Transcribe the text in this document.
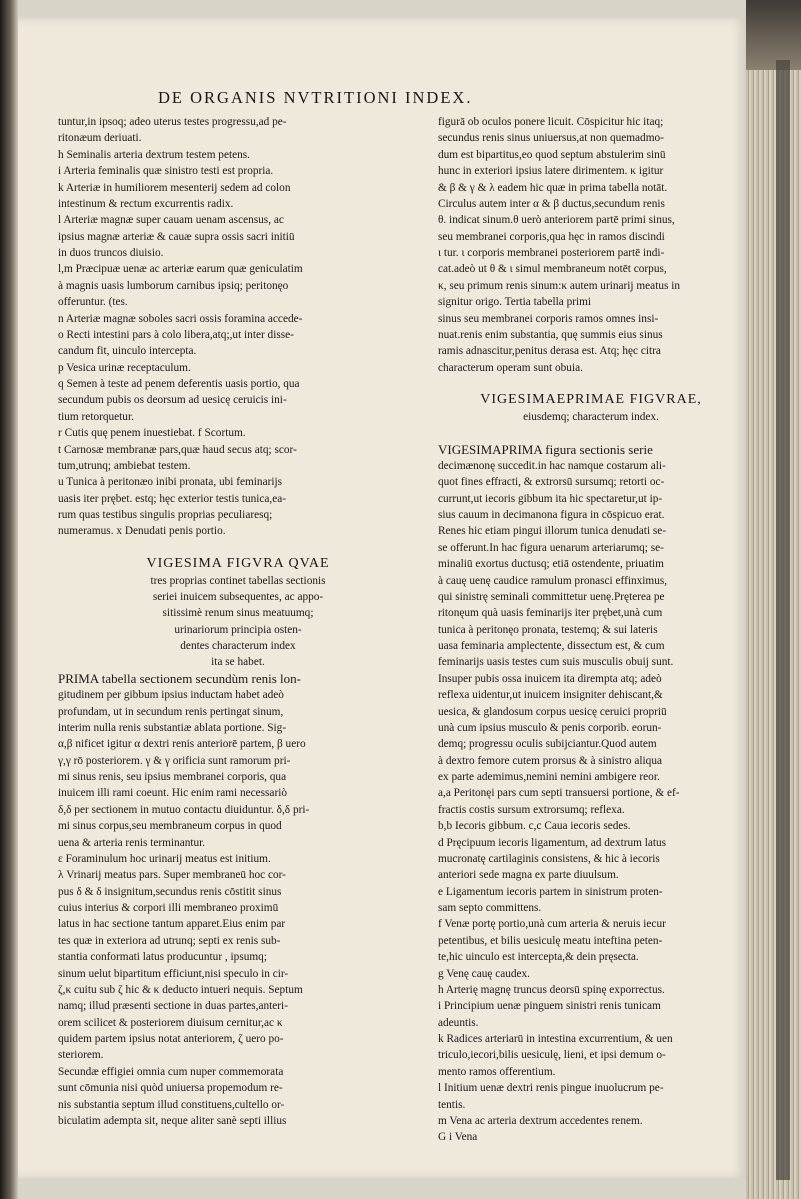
DE ORGANIS NVTRITIONI INDEX.
tuntur,in ipsoq; adeo uterus testes progressu,ad pe-
ritonæum deriuati.
h Seminalis arteria dextrum testem petens.
i Arteria feminalis quæ sinistro testi est propria.
k Arteriæ in humiliorem mesenterij sedem ad colon
intestinum & rectum excurrentis radix.
l Arteriæ magnæ super cauam uenam ascensus, ac
ipsius magnæ arteriæ & cauæ supra ossis sacri initiū
in duos truncos diuisio.
l,m Præcipuæ uenæ ac arteriæ earum quæ geniculatim
à magnis uasis lumborum carnibus ipsiq; peritonęo
offeruntur. (tes.
n Arteriæ magnæ soboles sacri ossis foramina accede-
o Recti intestini pars à colo libera,atq;,ut inter disse-
candum fit, uinculo intercepta.
p Vesica urinæ receptaculum.
q Semen à teste ad penem deferentis uasis portio, qua
secundum pubis os deorsum ad uesicę ceruicis ini-
tium retorquetur.
r Cutis quę penem inuestiebat. f Scortum.
t Carnosæ membranæ pars,quæ haud secus atq; scor-
tum,utrunq; ambiebat testem.
u Tunica à peritonæo inibi pronata, ubi feminarijs
uasis iter prębet. estq; hęc exterior testis tunica,ea-
rum quas testibus singulis proprias peculiaresq;
numeramus. x Denudati penis portio.
VIGESIMA FIGVRA QVAE
tres proprias continet tabellas sectionis
seriei inuicem subsequentes, ac appo-
sitissimè renum sinus meatuumq;
urinariorum principia osten-
dentes characterum index
ita se habet.
PRIMA tabella sectionem secundùm renis lon-
gitudinem per gibbum ipsius inductam habet adeò
profundam, ut in secundum renis pertingat sinum,
interim nulla renis substantiæ ablata portione. Sig-
α,β nificet igitur α dextri renis anteriorē partem, β uero
γ,γ rō posteriorem. γ & γ orificia sunt ramorum pri-
mi sinus renis, seu ipsius membranei corporis, qua
inuicem illi rami coeunt. Hic enim rami necessariò
δ,δ per sectionem in mutuo contactu diuiduntur. δ,δ pri-
mi sinus corpus,seu membraneum corpus in quod
uena & arteria renis terminantur.
ε Foraminulum hoc urinarij meatus est initium.
λ Vrinarij meatus pars. Super membraneū hoc cor-
pus δ & δ insignitum,secundus renis cōstitit sinus
cuius interius & corpori illi membraneo proximū
latus in hac sectione tantum apparet.Eius enim par
tes quæ in exteriora ad utrunq; septi ex renis sub-
stantia conformati latus producuntur , ipsumq;
sinum uelut bipartitum efficiunt,nisi speculo in cir-
ζ,κ cuitu sub ζ hic & κ deducto intueri nequis. Septum
namq; illud præsenti sectione in duas partes,anteri-
orem scilicet & posteriorem diuisum cernitur,ac κ
quidem partem ipsius notat anteriorem, ζ uero po-
steriorem.
Secundæ effigiei omnia cum nuper commemorata
sunt cōmunia nisi quòd uniuersa propemodum re-
nis substantia septum illud constituens,cultello or-
biculatim adempta sit, neque aliter sanè septi illius
figurā ob oculos ponere licuit. Cōspicitur hic itaq;
secundus renis sinus uniuersus,at non quemadmo-
dum est bipartitus,eo quod septum abstulerim sinū
hunc in exteriori ipsius latere dirimentem. κ igitur
& β & γ & λ eadem hic quæ in prima tabella notāt.
Circulus autem inter α & β ductus,secundum renis
θ. indicat sinum.θ uerò anteriorem partē primi sinus,
seu membranei corporis,qua hęc in ramos discindi
ι tur. ι corporis membranei posteriorem partē indi-
cat.adeò ut θ & ι simul membraneum notēt corpus,
κ, seu primum renis sinum:κ autem urinarij meatus in
signitur origo. Tertia tabella primi
sinus seu membranei corporis ramos omnes insi-
nuat.renis enim substantia, quę summis eius sinus
ramis adnascitur,penitus derasa est. Atq; hęc citra
characterum operam sunt obuia.
VIGESIMAEPRIMAE FIGVRAE,
eiusdemq; characterum index.
VIGESIMAPRIMA figura sectionis serie
decimænonę succedit.in hac namque costarum ali-
quot fines effracti, & extrorsū sursumq; retorti oc-
currunt,ut iecoris gibbum ita hic spectaretur,ut ip-
sius cauum in decimanona figura in cōspicuo erat.
Renes hic etiam pingui illorum tunica denudati se-
se offerunt.In hac figura uenarum arteriarumq; se-
minaliū exortus ductusq; etiā ostendente, priuatim
à cauę uenę caudice ramulum pronasci effinximus,
qui sinistrę seminali committetur uenę.Pręterea pe
ritonęum quà uasis feminarijs iter prębet,unà cum
tunica à peritonęo pronata, testemq; & sui lateris
uasa feminaria amplectente, dissectum est, & cum
feminarijs uasis testes cum suis musculis obuij sunt.
Insuper pubis ossa inuicem ita dirempta atq; adeò
reflexa uidentur,ut inuicem insigniter dehiscant,&
uesica, & glandosum corpus uesicę ceruici propriū
unà cum ipsius musculo & penis corporib. eorun-
demq; progressu oculis subijciantur.Quod autem
à dextro femore cutem prorsus & à sinistro aliqua
ex parte ademimus,nemini nemini ambigere reor.
a,a Peritonęi pars cum septi transuersi portione, & ef-
fractis costis sursum extrorsumq; reflexa.
b,b Iecoris gibbum. c,c Caua iecoris sedes.
d Pręcipuum iecoris ligamentum, ad dextrum latus
mucronatę cartilaginis consistens, & hic à iecoris
anteriori sede magna ex parte diuulsum.
e Ligamentum iecoris partem in sinistrum proten-
sam septo committens.
f Venæ portę portio,unà cum arteria & neruis iecur
petentibus, et bilis uesiculę meatu inteftina peten-
te,hic uinculo est intercepta,& dein pręsecta.
g Venę cauę caudex.
h Arterię magnę truncus deorsū spinę exporrectus.
i Principium uenæ pinguem sinistri renis tunicam
adeuntis.
k Radices arteriarū in intestina excurrentium, & uen
triculo,iecori,bilis uesiculę, lieni, et ipsi demum o-
mento ramos offerentium.
l Initium uenæ dextri renis pingue inuolucrum pe-
tentis.
m Vena ac arteria dextrum accedentes renem.
G i Vena
